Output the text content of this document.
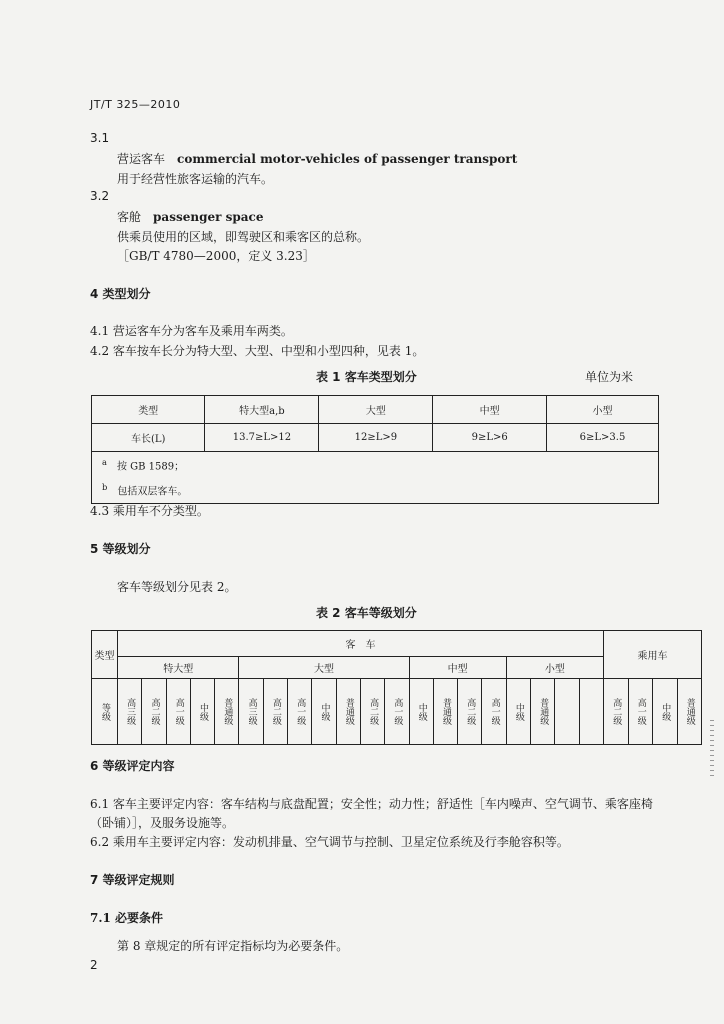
JT/T 325—2010
3.1
营运客车　 commercial motor-vehicles of passenger transport
用于经营性旅客运输的汽车。
3.2
客舱　 passenger space
供乘员使用的区域，即驾驶区和乘客区的总称。
［GB/T 4780—2000，定义 3.23］
4 类型划分
4.1 营运客车分为客车及乘用车两类。
4.2 客车按车长分为特大型、大型、中型和小型四种，见表 1。
表 1 客车类型划分	单位为米
类型	特大型a,b	大型	中型	小型
车长(L)	13.7≥L>12	12≥L>9	9≥L>6	6≥L>3.5

$^a$　 按 GB 1589；
$^b$　 包括双层客车。				
4.3 乘用车不分类型。
5 等级划分
客车等级划分见表 2。
表 2 客车等级划分
类型	客　车																				乘用车			
	特大型					大型							中型				小型							

等级	高三级	高二级	高一级	中级	普通级	高三级	高二级	高一级	中级	普通级	高二级	高一级	中级	普通级	高二级	高一级	中级	普通级			高二级	高一级	中级	普通级
6 等级评定内容
6.1 客车主要评定内容：客车结构与底盘配置；安全性；动力性；舒适性［车内噪声、空气调节、乘客座椅
（卧铺）］，及服务设施等。
6.2 乘用车主要评定内容：发动机排量、空气调节与控制、卫星定位系统及行李舱容积等。
7 等级评定规则
7.1 必要条件
第 8 章规定的所有评定指标均为必要条件。
2
